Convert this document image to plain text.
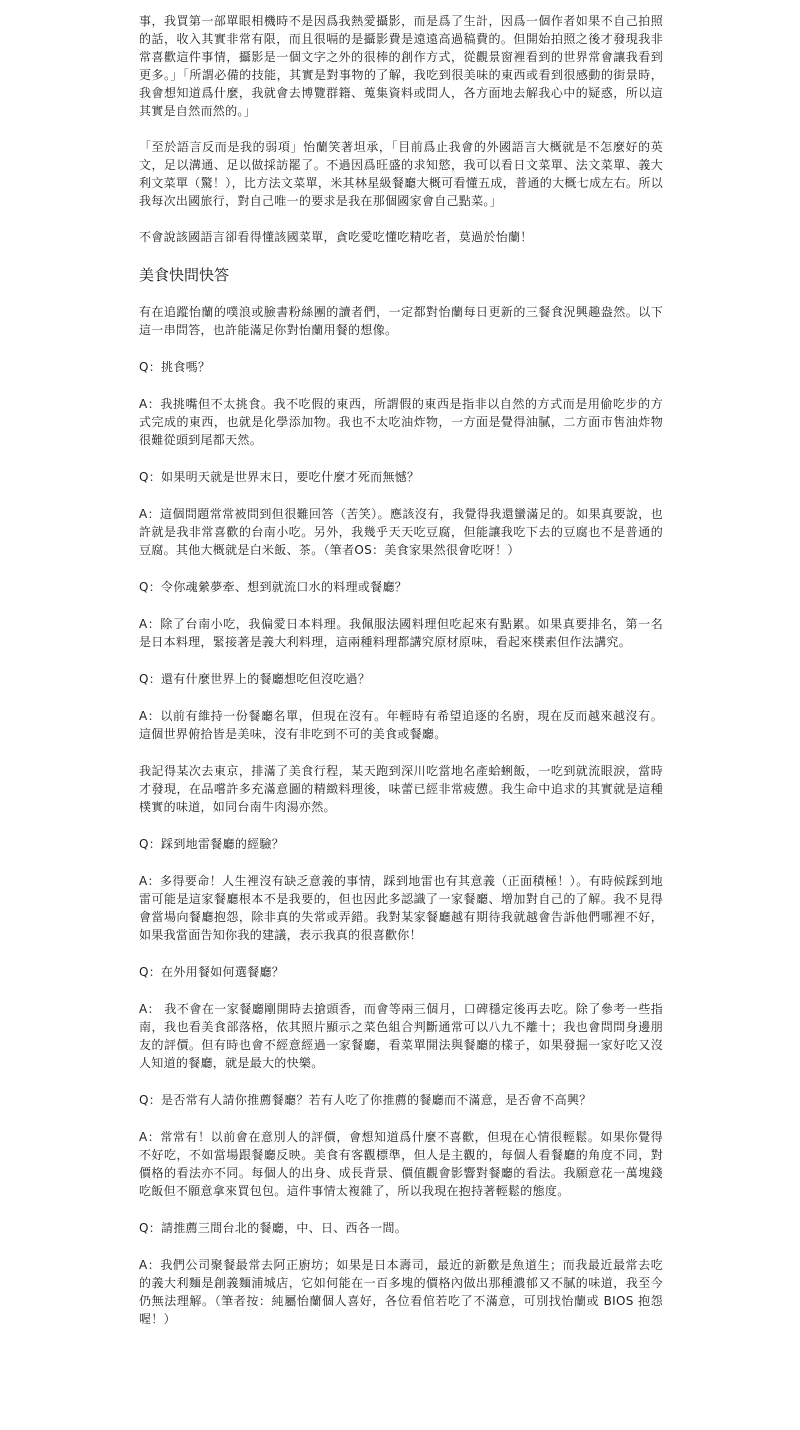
事，我買第一部單眼相機時不是因爲我熱愛攝影，而是爲了生計，因爲一個作者如果不自己拍照的話，收入其實非常有限，而且很嗝的是攝影費是遠遠高過稿費的。但開始拍照之後才發現我非常喜歡這件事情，攝影是一個文字之外的很棒的創作方式，從觀景窗裡看到的世界常會讓我看到更多。」「所謂必備的技能，其實是對事物的了解，我吃到很美味的東西或看到很感動的街景時，我會想知道爲什麼，我就會去博覽群籍、蒐集資料或問人，各方面地去解我心中的疑惑，所以這其實是自然而然的。」

「至於語言反而是我的弱項」怡蘭笑著坦承，「目前爲止我會的外國語言大概就是不怎麼好的英文，足以溝通、足以做採訪罷了。不過因爲旺盛的求知慾，我可以看日文菜單、法文菜單、義大利文菜單（驚！），比方法文菜單，米其林星級餐廳大概可看懂五成，普通的大概七成左右。所以我每次出國旅行，對自己唯一的要求是我在那個國家會自己點菜。」

不會說該國語言卻看得懂該國菜單，貪吃愛吃懂吃精吃者，莫過於怡蘭！

美食快問快答

有在追蹤怡蘭的噗浪或臉書粉絲團的讀者們，一定都對怡蘭每日更新的三餐食況興趣盎然。以下這一串問答，也許能滿足你對怡蘭用餐的想像。

Q：挑食嗎？

A：我挑嘴但不太挑食。我不吃假的東西，所謂假的東西是指非以自然的方式而是用偷吃步的方式完成的東西，也就是化學添加物。我也不太吃油炸物，一方面是覺得油膩，二方面市售油炸物很難從頭到尾都天然。

Q：如果明天就是世界末日，要吃什麼才死而無憾？

A：這個問題常常被問到但很難回答（苦笑）。應該沒有，我覺得我還蠻滿足的。如果真要說，也許就是我非常喜歡的台南小吃。另外，我幾乎天天吃豆腐，但能讓我吃下去的豆腐也不是普通的豆腐。其他大概就是白米飯、茶。（筆者OS：美食家果然很會吃呀！）

Q：令你魂縈夢牽、想到就流口水的料理或餐廳？

A：除了台南小吃，我偏愛日本料理。我佩服法國料理但吃起來有點累。如果真要排名，第一名是日本料理，緊接著是義大利料理，這兩種料理都講究原材原味，看起來樸素但作法講究。

Q：還有什麼世界上的餐廳想吃但沒吃過？

A：以前有維持一份餐廳名單，但現在沒有。年輕時有希望追逐的名廚，現在反而越來越沒有。這個世界俯拾皆是美味，沒有非吃到不可的美食或餐廳。

我記得某次去東京，排滿了美食行程，某天跑到深川吃當地名產蛤蜊飯，一吃到就流眼淚，當時才發現，在品嚐許多充滿意圖的精緻料理後，味蕾已經非常疲憊。我生命中追求的其實就是這種樸實的味道，如同台南牛肉湯亦然。

Q：踩到地雷餐廳的經驗？

A：多得要命！人生裡沒有缺乏意義的事情，踩到地雷也有其意義（正面積極！）。有時候踩到地雷可能是這家餐廳根本不是我要的，但也因此多認識了一家餐廳、增加對自己的了解。我不見得會當場向餐廳抱怨，除非真的失常或弄錯。我對某家餐廳越有期待我就越會告訴他們哪裡不好，如果我當面告知你我的建議，表示我真的很喜歡你！

Q：在外用餐如何選餐廳？

A： 我不會在一家餐廳剛開時去搶頭香，而會等兩三個月，口碑穩定後再去吃。除了參考一些指南，我也看美食部落格，依其照片顯示之菜色組合判斷通常可以八九不離十；我也會問問身邊朋友的評價。但有時也會不經意經過一家餐廳，看菜單開法與餐廳的樣子，如果發掘一家好吃又沒人知道的餐廳，就是最大的快樂。

Q：是否常有人請你推薦餐廳？若有人吃了你推薦的餐廳而不滿意，是否會不高興？

A：常常有！以前會在意別人的評價，會想知道爲什麼不喜歡，但現在心情很輕鬆。如果你覺得不好吃，不如當場跟餐廳反映。美食有客觀標準，但人是主觀的，每個人看餐廳的角度不同，對價格的看法亦不同。每個人的出身、成長背景、價值觀會影響對餐廳的看法。我願意花一萬塊錢吃飯但不願意拿來買包包。這件事情太複雜了，所以我現在抱持著輕鬆的態度。

Q：請推薦三間台北的餐廳，中、日、西各一間。

A：我們公司聚餐最常去阿正廚坊；如果是日本壽司，最近的新歡是魚道生；而我最近最常去吃的義大利麵是創義麵浦城店，它如何能在一百多塊的價格內做出那種濃郁又不膩的味道，我至今仍無法理解。（筆者按：純屬怡蘭個人喜好，各位看倌若吃了不滿意，可別找怡蘭或 BIOS 抱怨喔！）
